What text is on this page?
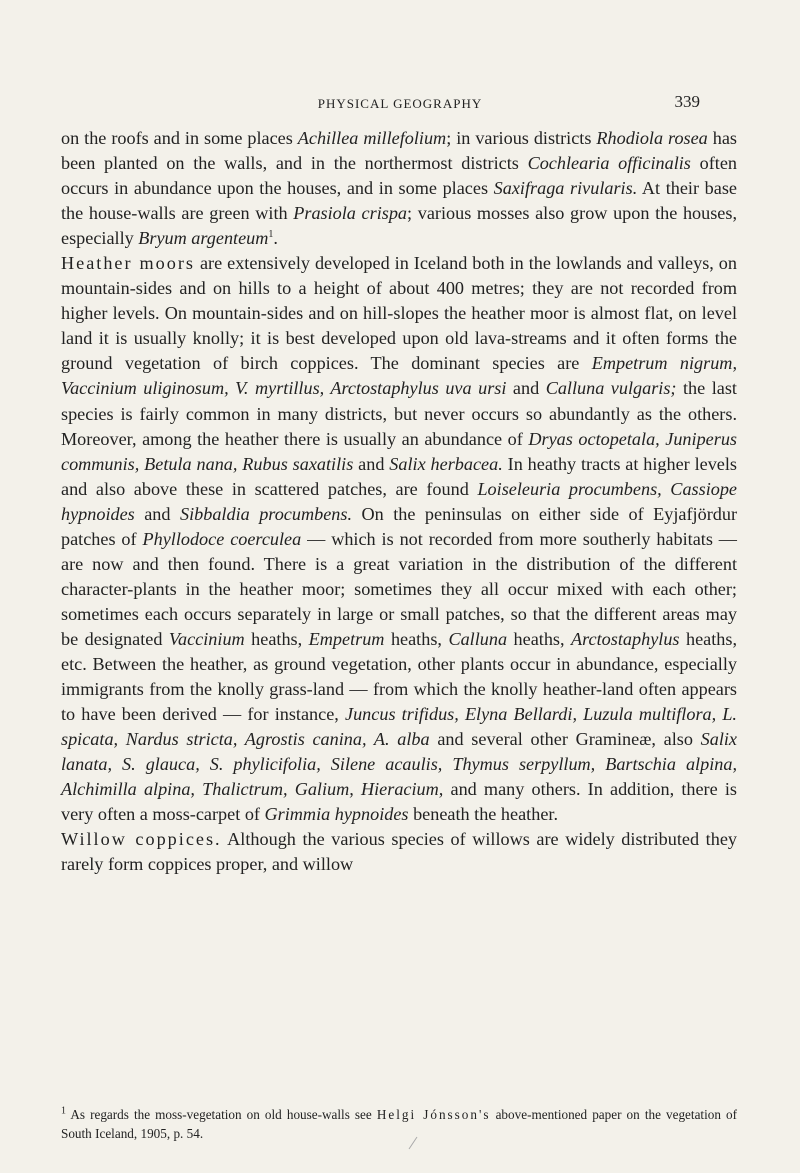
PHYSICAL GEOGRAPHY	339

on the roofs and in some places Achillea millefolium; in various districts Rhodiola rosea has been planted on the walls, and in the northermost districts Cochlearia officinalis often occurs in abundance upon the houses, and in some places Saxifraga rivularis. At their base the house-walls are green with Prasiola crispa; various mosses also grow upon the houses, especially Bryum argenteum$^1$.

Heather moors are extensively developed in Iceland both in the lowlands and valleys, on mountain-sides and on hills to a height of about 400 metres; they are not recorded from higher levels. On mountain-sides and on hill-slopes the heather moor is almost flat, on level land it is usually knolly; it is best developed upon old lava-streams and it often forms the ground vegetation of birch coppices. The dominant species are Empetrum nigrum, Vaccinium uliginosum, V. myrtillus, Arctostaphylus uva ursi and Calluna vulgaris; the last species is fairly common in many districts, but never occurs so abundantly as the others. Moreover, among the heather there is usually an abundance of Dryas octopetala, Juniperus communis, Betula nana, Rubus saxatilis and Salix herbacea. In heathy tracts at higher levels and also above these in scattered patches, are found Loiseleuria procumbens, Cassiope hypnoides and Sibbaldia procumbens. On the peninsulas on either side of Eyjafjördur patches of Phyllodoce coerculea — which is not recorded from more southerly habitats — are now and then found. There is a great variation in the distribution of the different character-plants in the heather moor; sometimes they all occur mixed with each other; sometimes each occurs separately in large or small patches, so that the different areas may be designated Vaccinium heaths, Empetrum heaths, Calluna heaths, Arctostaphylus heaths, etc. Between the heather, as ground vegetation, other plants occur in abundance, especially immigrants from the knolly grass-land — from which the knolly heather-land often appears to have been derived — for instance, Juncus trifidus, Elyna Bellardi, Luzula multiflora, L. spicata, Nardus stricta, Agrostis canina, A. alba and several other Gramineæ, also Salix lanata, S. glauca, S. phylicifolia, Silene acaulis, Thymus serpyllum, Bartschia alpina, Alchimilla alpina, Thalictrum, Galium, Hieracium, and many others. In addition, there is very often a moss-carpet of Grimmia hypnoides beneath the heather.

Willow coppices. Although the various species of willows are widely distributed they rarely form coppices proper, and willow

$^1$ As regards the moss-vegetation on old house-walls see Helgi Jónsson's above-mentioned paper on the vegetation of South Iceland, 1905, p. 54.
